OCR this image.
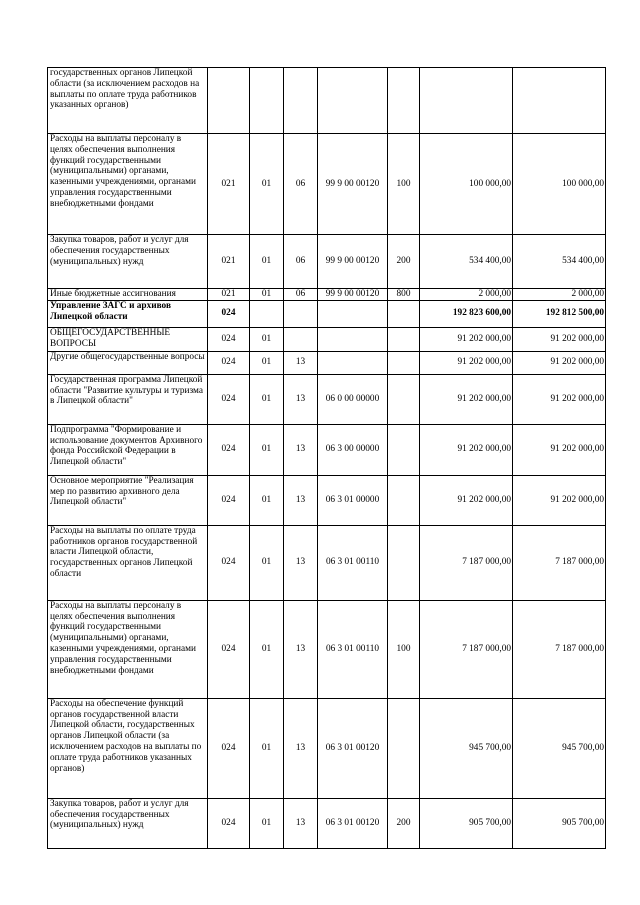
государственных органов Липецкой области (за исключением расходов на выплаты по оплате труда работников указанных органов)							
Расходы на выплаты персоналу в целях обеспечения выполнения функций государственными (муниципальными) органами, казенными учреждениями, органами управления государственными внебюджетными фондами	021	01	06	99 9 00 00120	100	100 000,00	100 000,00
Закупка товаров, работ и услуг для обеспечения государственных (муниципальных) нужд	021	01	06	99 9 00 00120	200	534 400,00	534 400,00
Иные бюджетные ассигнования	021	01	06	99 9 00 00120	800	2 000,00	2 000,00
Управление ЗАГС и архивов Липецкой области	024					192 823 600,00	192 812 500,00
ОБЩЕГОСУДАРСТВЕННЫЕ ВОПРОСЫ	024	01				91 202 000,00	91 202 000,00
Другие общегосударственные вопросы	024	01	13			91 202 000,00	91 202 000,00
Государственная программа Липецкой области "Развитие культуры и туризма в Липецкой области"	024	01	13	06 0 00 00000		91 202 000,00	91 202 000,00
Подпрограмма "Формирование и использование документов Архивного фонда Российской Федерации в Липецкой области"	024	01	13	06 3 00 00000		91 202 000,00	91 202 000,00
Основное мероприятие "Реализация мер по развитию архивного дела Липецкой области"	024	01	13	06 3 01 00000		91 202 000,00	91 202 000,00
Расходы на выплаты по оплате труда работников органов государственной власти Липецкой области, государственных органов Липецкой области	024	01	13	06 3 01 00110		7 187 000,00	7 187 000,00
Расходы на выплаты персоналу в целях обеспечения выполнения функций государственными (муниципальными) органами, казенными учреждениями, органами управления государственными внебюджетными фондами	024	01	13	06 3 01 00110	100	7 187 000,00	7 187 000,00
Расходы на обеспечение функций органов государственной власти Липецкой области, государственных органов Липецкой области (за исключением расходов на выплаты по оплате труда работников указанных органов)	024	01	13	06 3 01 00120		945 700,00	945 700,00
Закупка товаров, работ и услуг для обеспечения государственных (муниципальных) нужд	024	01	13	06 3 01 00120	200	905 700,00	905 700,00
